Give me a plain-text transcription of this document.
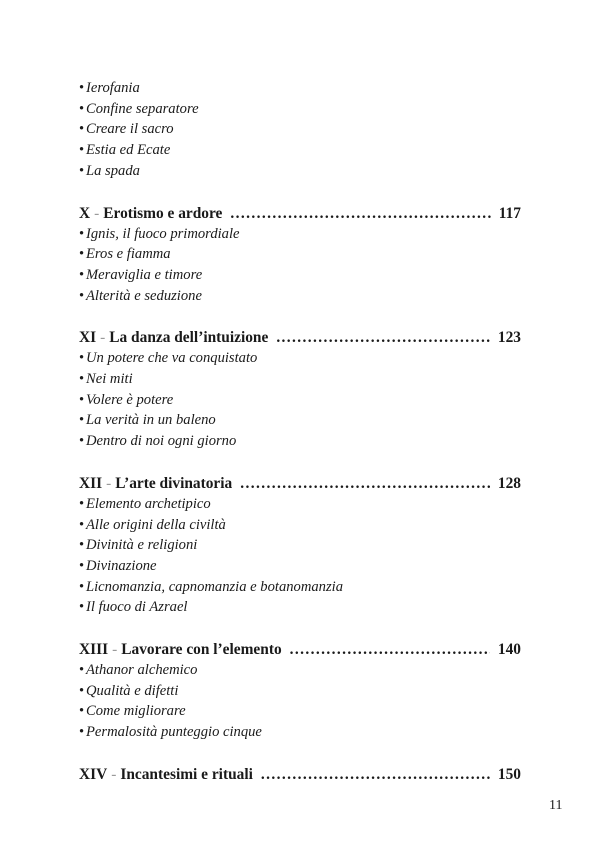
• Ierofania
• Confine separatore
• Creare il sacro
• Estia ed Ecate
• La spada
X - Erotismo e ardore .....	117
• Ignis, il fuoco primordiale
• Eros e fiamma
• Meraviglia e timore
• Alterità e seduzione
XI - La danza dell’intuizione .....	123
• Un potere che va conquistato
• Nei miti
• Volere è potere
• La verità in un baleno
• Dentro di noi ogni giorno
XII - L’arte divinatoria .....	128
• Elemento archetipico
• Alle origini della civiltà
• Divinità e religioni
• Divinazione
• Licnomanzia, capnomanzia e botanomanzia
• Il fuoco di Azrael
XIII - Lavorare con l’elemento .....	140
• Athanor alchemico
• Qualità e difetti
• Come migliorare
• Permalosità punteggio cinque
XIV - Incantesimi e rituali .....	150
11
